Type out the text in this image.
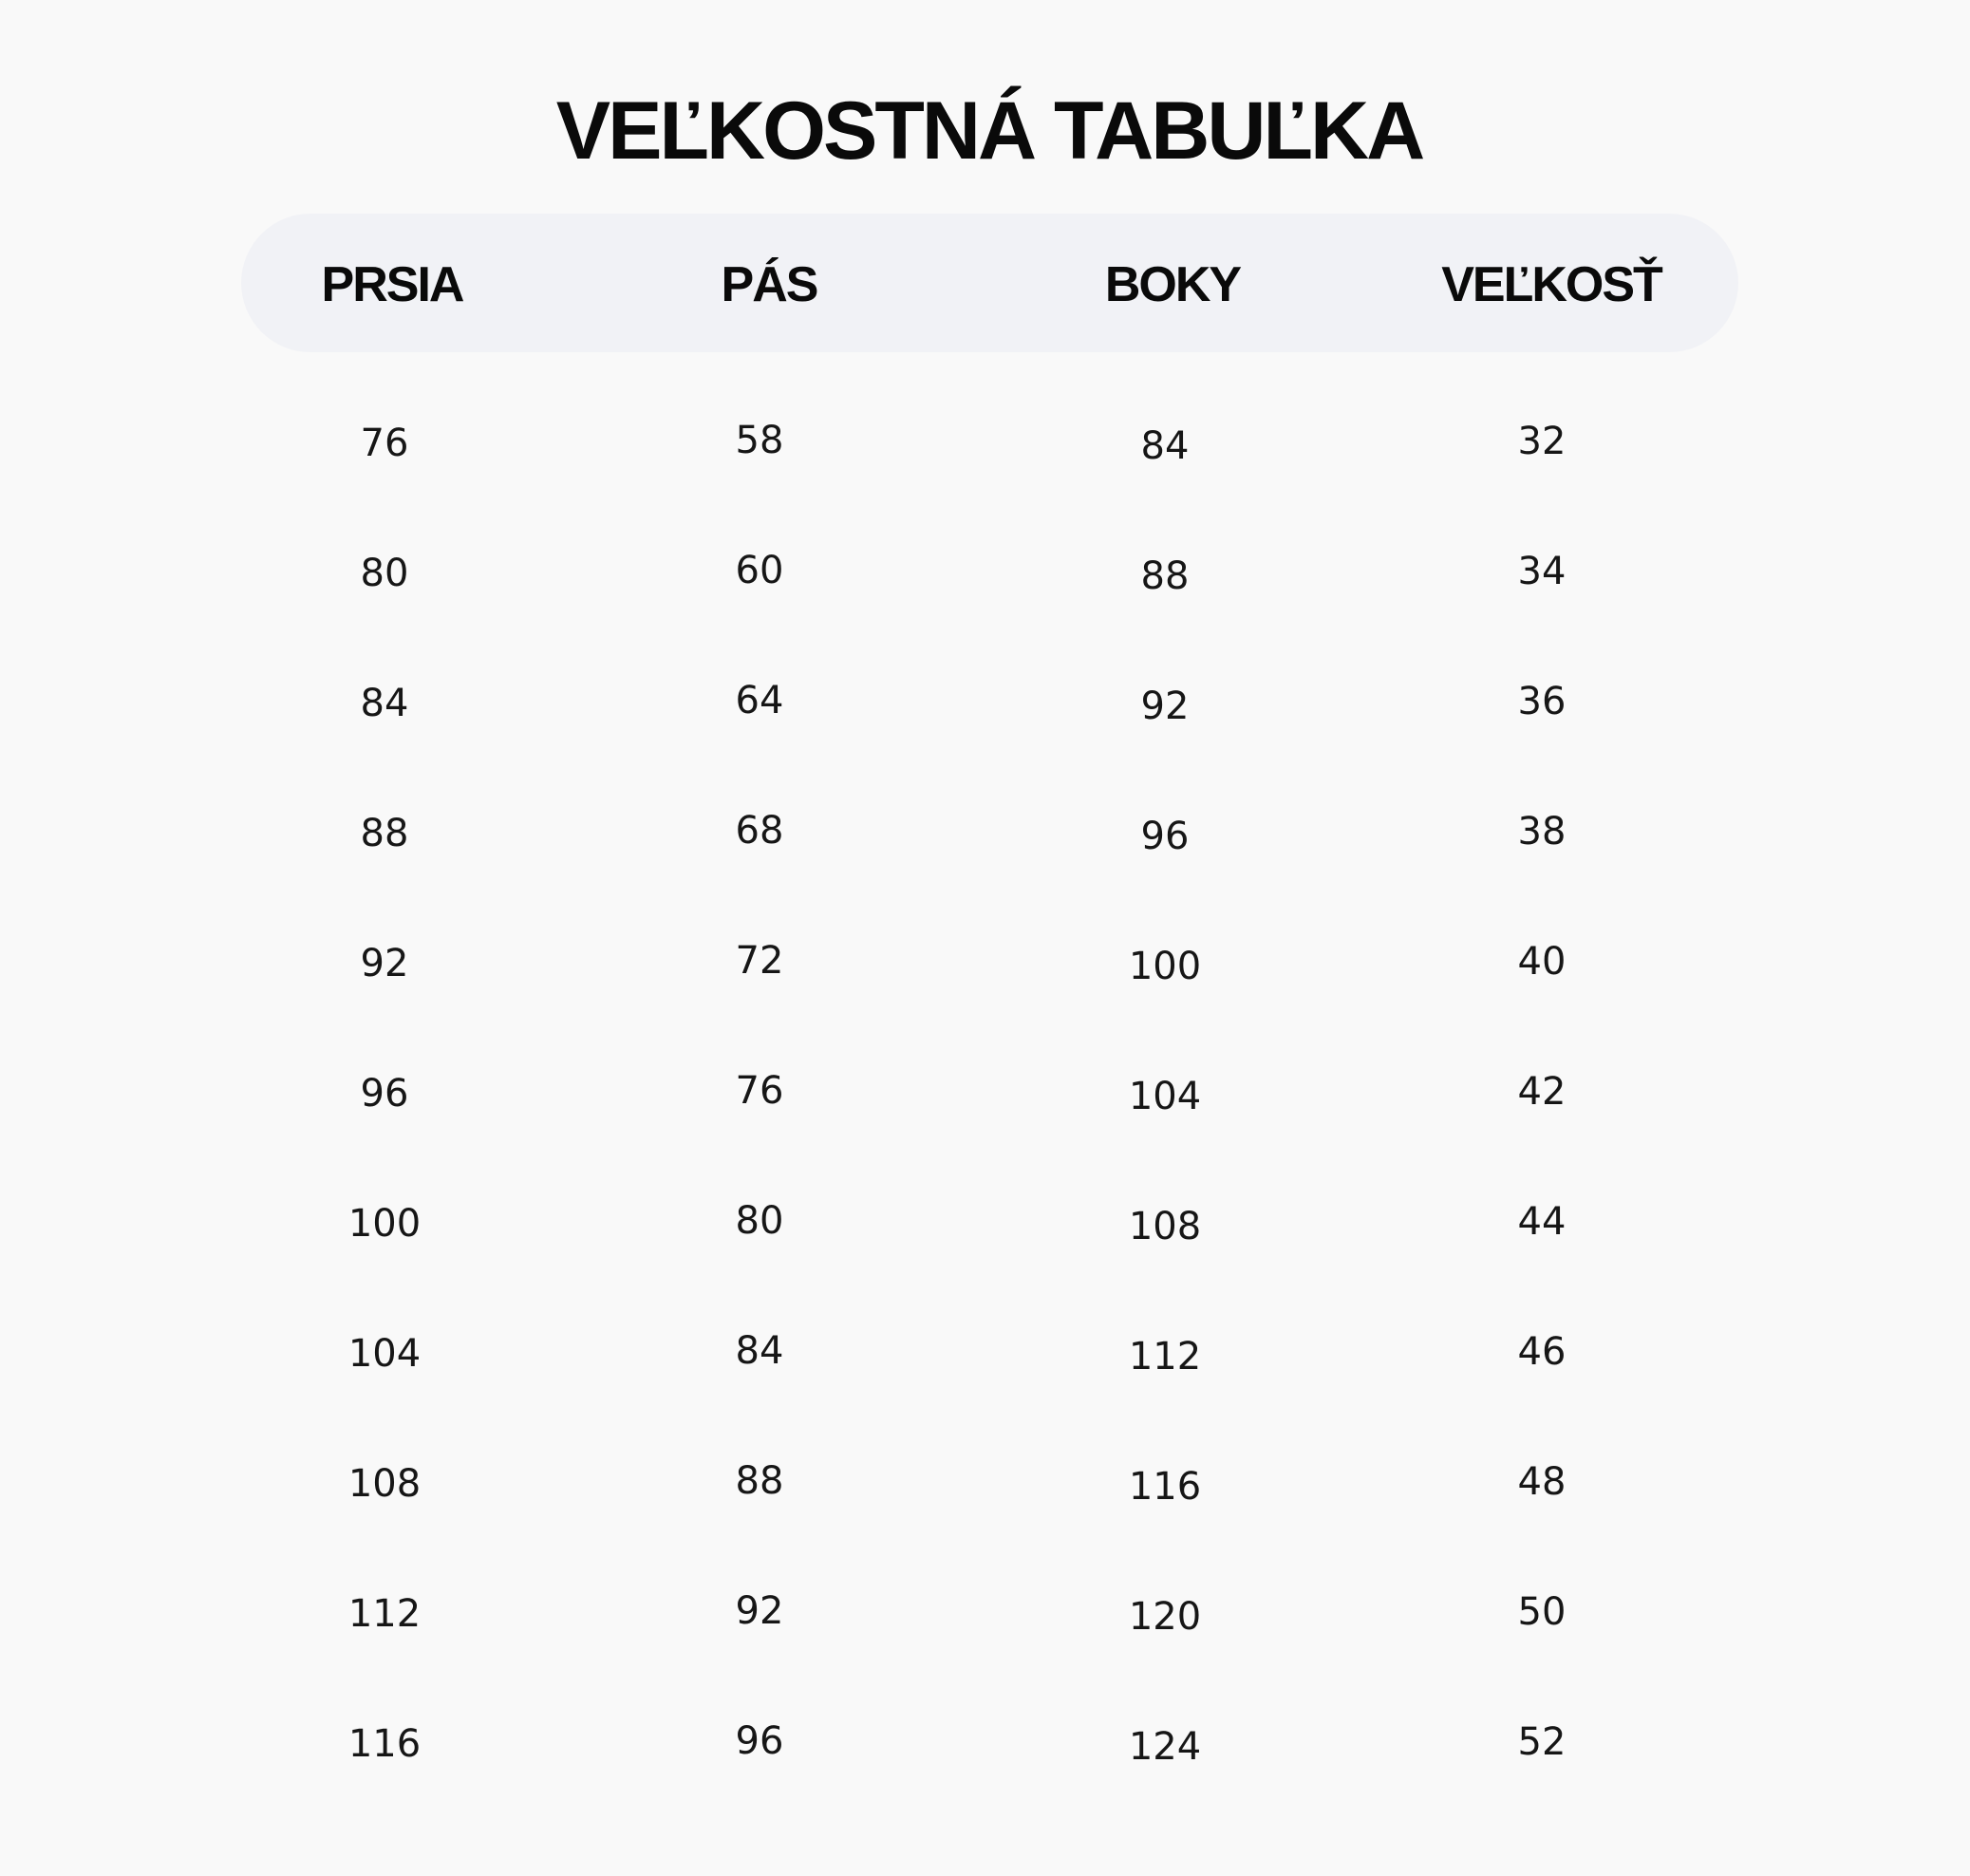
VEĽKOSTNÁ TABUĽKA
PRSIA	PÁS	BOKY	VEĽKOSŤ
76	58	84	32
80	60	88	34
84	64	92	36
88	68	96	38
92	72	100	40
96	76	104	42
100	80	108	44
104	84	112	46
108	88	116	48
112	92	120	50
116	96	124	52
